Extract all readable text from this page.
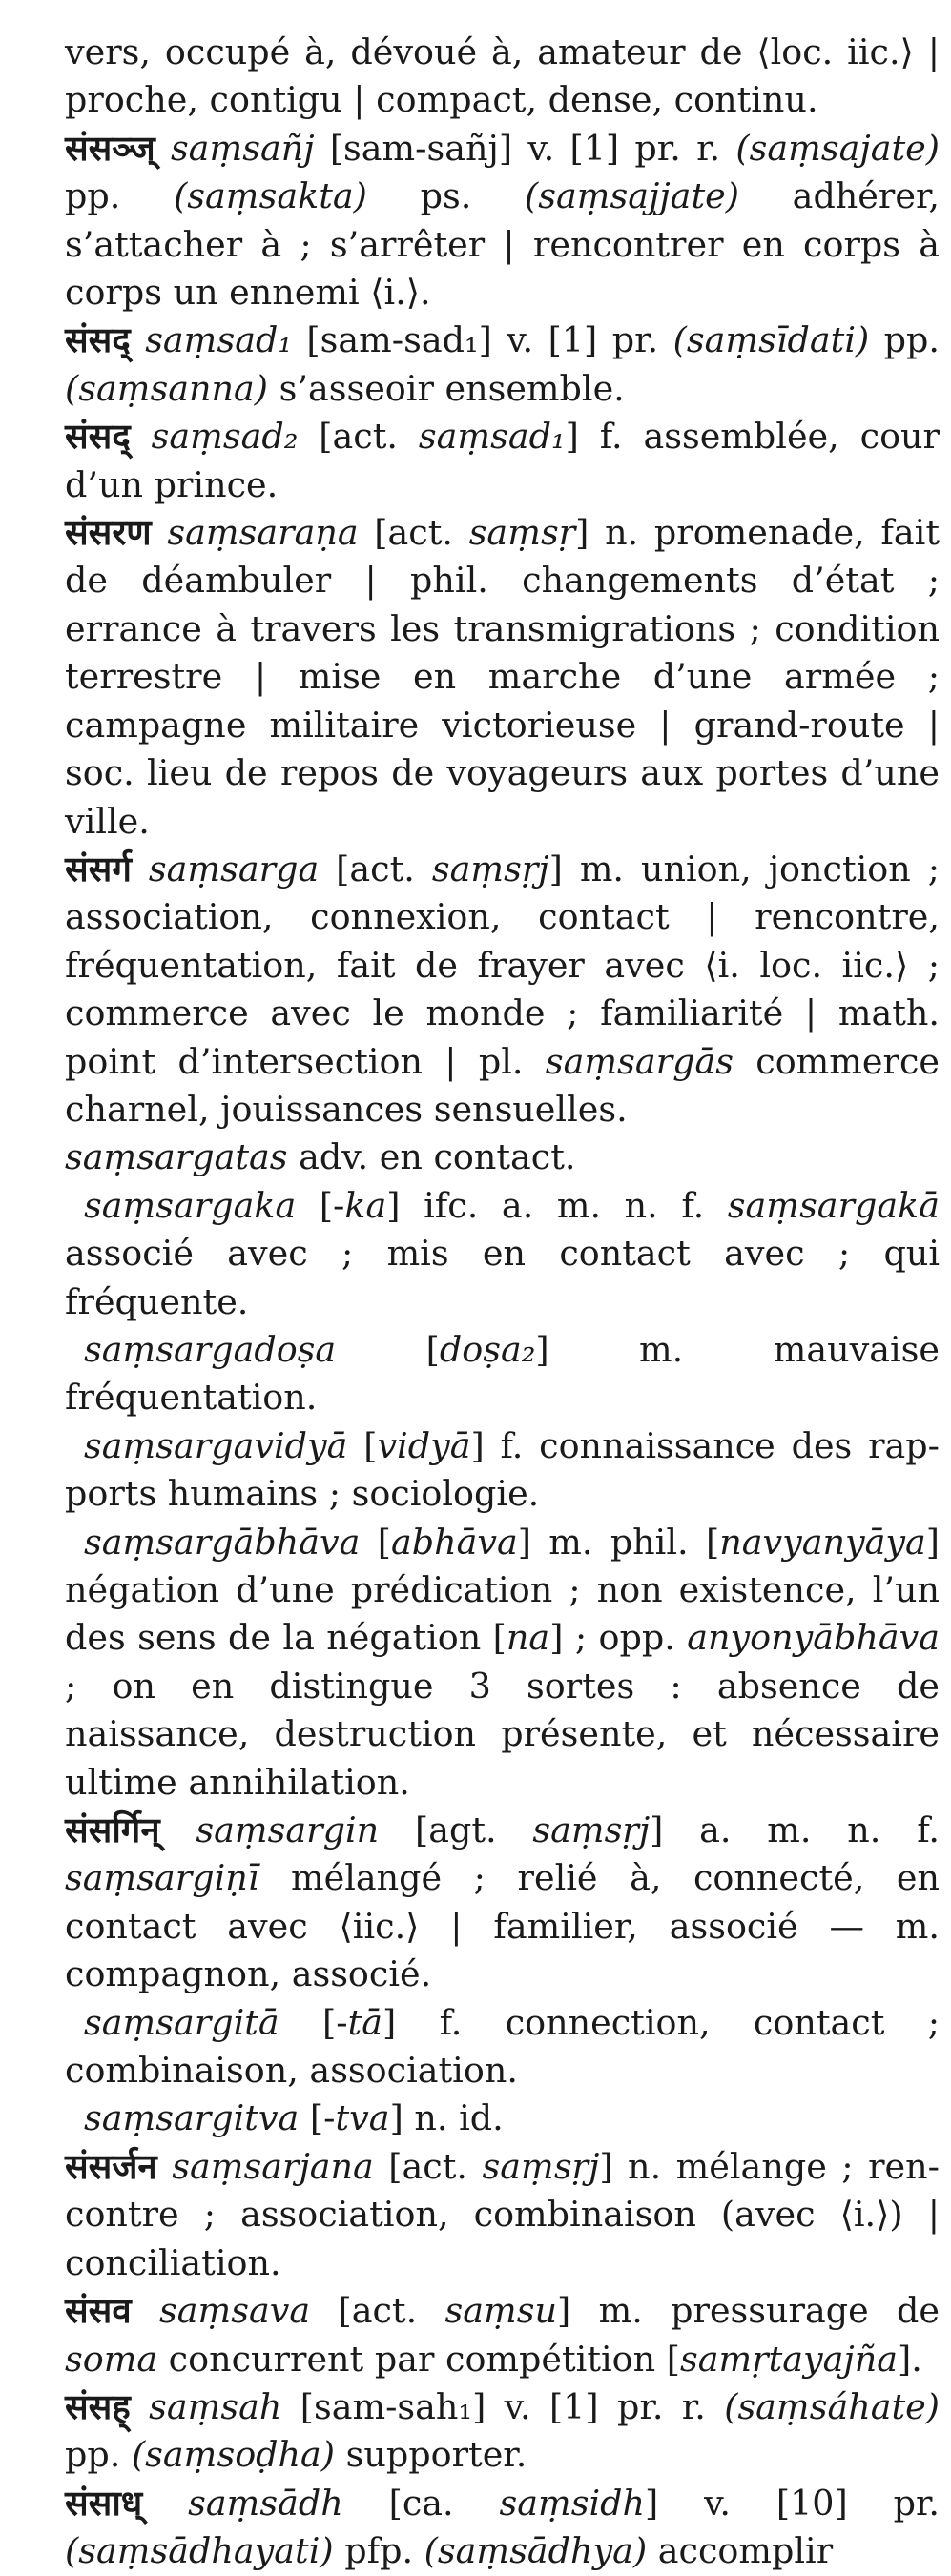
vers, occupé à, dévoué à, amateur de ⟨loc. iic.⟩ | proche, contigu | compact, dense, continu.

संसञ्ज् saṃsañj [sam-sañj] v. [1] pr. r. (saṃsajate) pp. (saṃsakta) ps. (saṃsajjate) adhérer, s’attacher à ; s’arrêter | rencontrer en corps à corps un ennemi ⟨i.⟩.

संसद् saṃsad₁ [sam-sad₁] v. [1] pr. (saṃsīdati) pp. (saṃsanna) s’asseoir ensemble.

संसद् saṃsad₂ [act. saṃsad₁] f. assemblée, cour d’un prince.

संसरण saṃsaraṇa [act. saṃsṛ] n. promenade, fait de déambuler | phil. changements d’état ; errance à travers les transmigrations ; condition terrestre | mise en marche d’une armée ; campagne militaire victorieuse | grand-route | soc. lieu de repos de voyageurs aux portes d’une ville.

संसर्ग saṃsarga [act. saṃsṛj] m. union, jonction ; association, connexion, contact | rencontre, fréquentation, fait de frayer avec ⟨i. loc. iic.⟩ ; commerce avec le monde ; familiarité | math. point d’intersection | pl. saṃsargās commerce charnel, jouissances sensuelles.

saṃsargatas adv. en contact.

saṃsargaka [-ka] ifc. a. m. n. f. saṃsargakā associé avec ; mis en contact avec ; qui fréquente.

saṃsargadoṣa [doṣa₂] m. mauvaise fréquentation.

saṃsargavidyā [vidyā] f. connaissance des rapports humains ; sociologie.

saṃsargābhāva [abhāva] m. phil. [navyanyāya] négation d’une prédication ; non existence, l’un des sens de la négation [na] ; opp. anyonyābhāva ; on en distingue 3 sortes : absence de naissance, destruction présente, et nécessaire ultime annihilation.

संसर्गिन् saṃsargin [agt. saṃsṛj] a. m. n. f. saṃsargiṇī mélangé ; relié à, connecté, en contact avec ⟨iic.⟩ | familier, associé — m. compagnon, associé.

saṃsargitā [-tā] f. connection, contact ; combinaison, association.

saṃsargitva [-tva] n. id.

संसर्जन saṃsarjana [act. saṃsṛj] n. mélange ; rencontre ; association, combinaison (avec ⟨i.⟩) | conciliation.

संसव saṃsava [act. saṃsu] m. pressurage de soma concurrent par compétition [samṛtayajña].

संसह् saṃsah [sam-sah₁] v. [1] pr. r. (saṃsáhate) pp. (saṃsoḍha) supporter.

संसाध् saṃsādh [ca. saṃsidh] v. [10] pr. (saṃsādhayati) pfp. (saṃsādhya) accomplir
